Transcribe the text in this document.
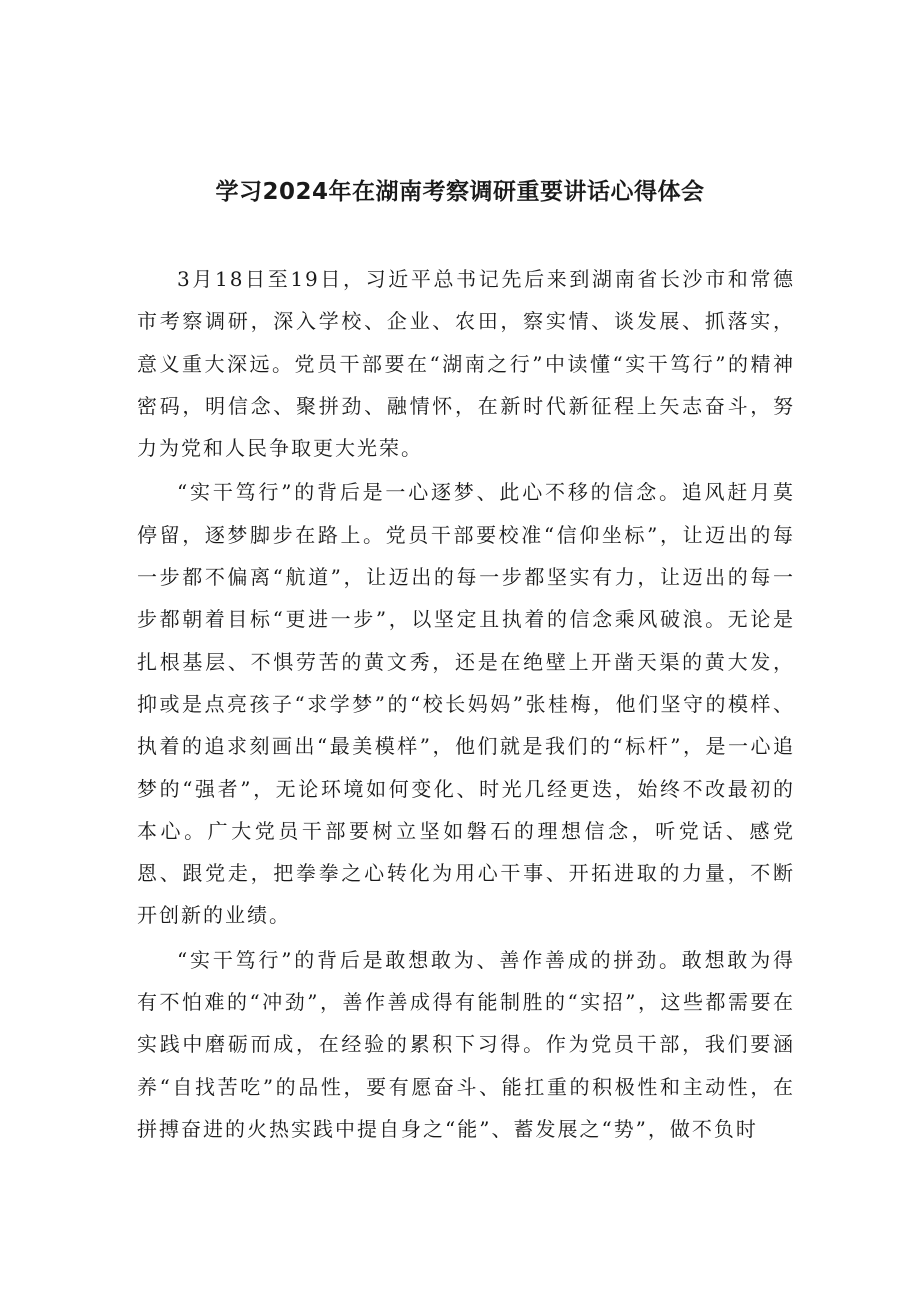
学习2024年在湖南考察调研重要讲话心得体会

3月18日至19日，习近平总书记先后来到湖南省长沙市和常德市考察调研，深入学校、企业、农田，察实情、谈发展、抓落实，意义重大深远。党员干部要在“湖南之行”中读懂“实干笃行”的精神密码，明信念、聚拼劲、融情怀，在新时代新征程上矢志奋斗，努力为党和人民争取更大光荣。

“实干笃行”的背后是一心逐梦、此心不移的信念。追风赶月莫停留，逐梦脚步在路上。党员干部要校准“信仰坐标”，让迈出的每一步都不偏离“航道”，让迈出的每一步都坚实有力，让迈出的每一步都朝着目标“更进一步”，以坚定且执着的信念乘风破浪。无论是扎根基层、不惧劳苦的黄文秀，还是在绝壁上开凿天渠的黄大发，抑或是点亮孩子“求学梦”的“校长妈妈”张桂梅，他们坚守的模样、执着的追求刻画出“最美模样”，他们就是我们的“标杆”，是一心追梦的“强者”，无论环境如何变化、时光几经更迭，始终不改最初的本心。广大党员干部要树立坚如磐石的理想信念，听党话、感党恩、跟党走，把拳拳之心转化为用心干事、开拓进取的力量，不断开创新的业绩。

“实干笃行”的背后是敢想敢为、善作善成的拼劲。敢想敢为得有不怕难的“冲劲”，善作善成得有能制胜的“实招”，这些都需要在实践中磨砺而成，在经验的累积下习得。作为党员干部，我们要涵养“自找苦吃”的品性，要有愿奋斗、能扛重的积极性和主动性，在拼搏奋进的火热实践中提自身之“能”、蓄发展之“势”，做不负时
